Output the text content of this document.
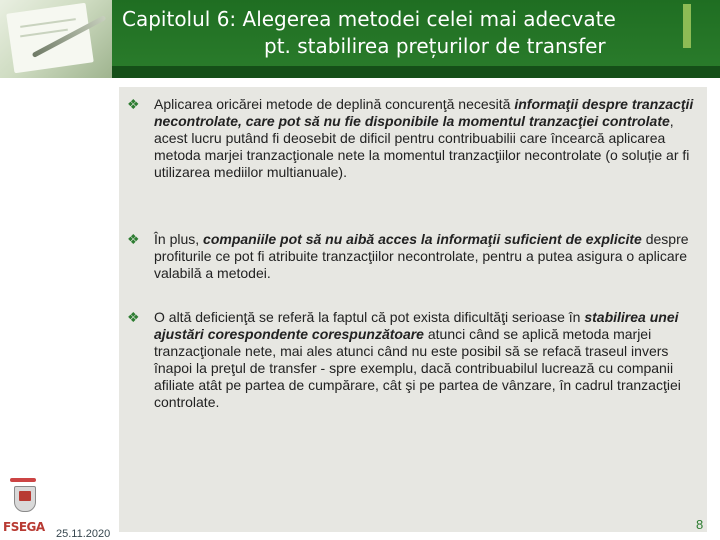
Capitolul 6: Alegerea metodei celei mai adecvate
pt. stabilirea prețurilor de transfer
❖ Aplicarea oricărei metode de deplină concurenţă necesită informaţii despre tranzacţii necontrolate, care pot să nu fie disponibile la momentul tranzacţiei controlate, acest lucru putând fi deosebit de dificil pentru contribuabilii care încearcă aplicarea metoda marjei tranzacţionale nete la momentul tranzacţiilor necontrolate (o soluție ar fi utilizarea mediilor multianuale).

❖ În plus, companiile pot să nu aibă acces la informaţii suficient de explicite despre profiturile ce pot fi atribuite tranzacţiilor necontrolate, pentru a putea asigura o aplicare valabilă a metodei.

❖ O altă deficienţă se referă la faptul că pot exista dificultăţi serioase în stabilirea unei ajustări corespondente corespunzătoare atunci când se aplică metoda marjei tranzacţionale nete, mai ales atunci când nu este posibil să se refacă traseul invers înapoi la preţul de transfer - spre exemplu, dacă contribuabilul lucrează cu companii afiliate atât pe partea de cumpărare, cât şi pe partea de vânzare, în cadrul tranzacţiei controlate.

FSEGA 25.11.2020
8
